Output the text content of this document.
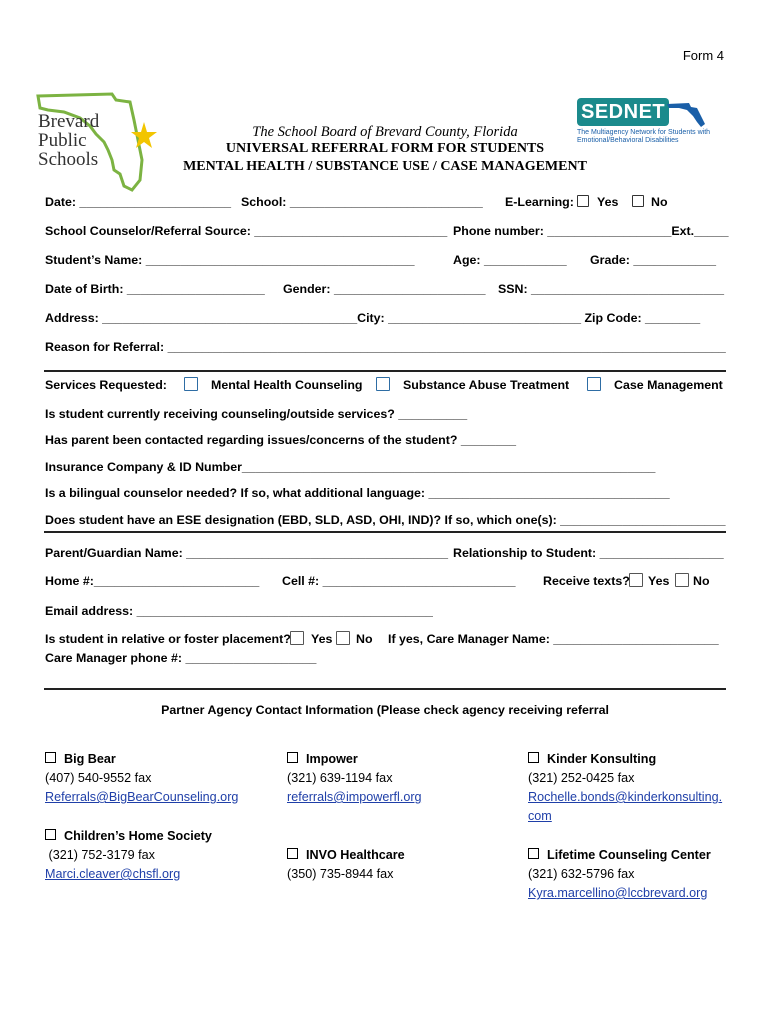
Form 4
Brevard Public Schools
SEDNET
The Multiagency Network for Students with Emotional/Behavioral Disabilities
The School Board of Brevard County, Florida
UNIVERSAL REFERRAL FORM FOR STUDENTS
MENTAL HEALTH / SUBSTANCE USE / CASE MANAGEMENT
Date: ______________________ School: ____________________________ E-Learning: Yes	No
School Counselor/Referral Source: ____________________________ Phone number: __________________Ext._____
Student’s Name: _______________________________________	Age: ____________ Grade: ____________
Date of Birth: ____________________ Gender: ______________________ SSN: ____________________________
Address: _____________________________________City: ____________________________ Zip Code: ________
Reason for Referral: _________________________________________________________________________________
Services Requested:	Mental Health Counseling	Substance Abuse Treatment	Case Management
Is student currently receiving counseling/outside services? __________
Has parent been contacted regarding issues/concerns of the student? ________
Insurance Company & ID Number____________________________________________________________
Is a bilingual counselor needed? If so, what additional language: ___________________________________
Does student have an ESE designation (EBD, SLD, ASD, OHI, IND)? If so, which one(s): ________________________
Parent/Guardian Name: ______________________________________ Relationship to Student: __________________
Home #:________________________ Cell #: ____________________________ Receive texts? Yes No
Email address: ___________________________________________
Is student in relative or foster placement? Yes No If yes, Care Manager Name: ________________________
Care Manager phone #: ___________________
Partner Agency Contact Information (Please check agency receiving referral
Big Bear
(407) 540-9552 fax
Referrals@BigBearCounseling.org
Impower
(321) 639-1194 fax
referrals@impowerfl.org
Kinder Konsulting
(321) 252-0425 fax
Rochelle.bonds@kinderkonsulting.
com
Children’s Home Society
(321) 752-3179 fax
Marci.cleaver@chsfl.org
INVO Healthcare
(350) 735-8944 fax
Lifetime Counseling Center
(321) 632-5796 fax
Kyra.marcellino@lccbrevard.org
